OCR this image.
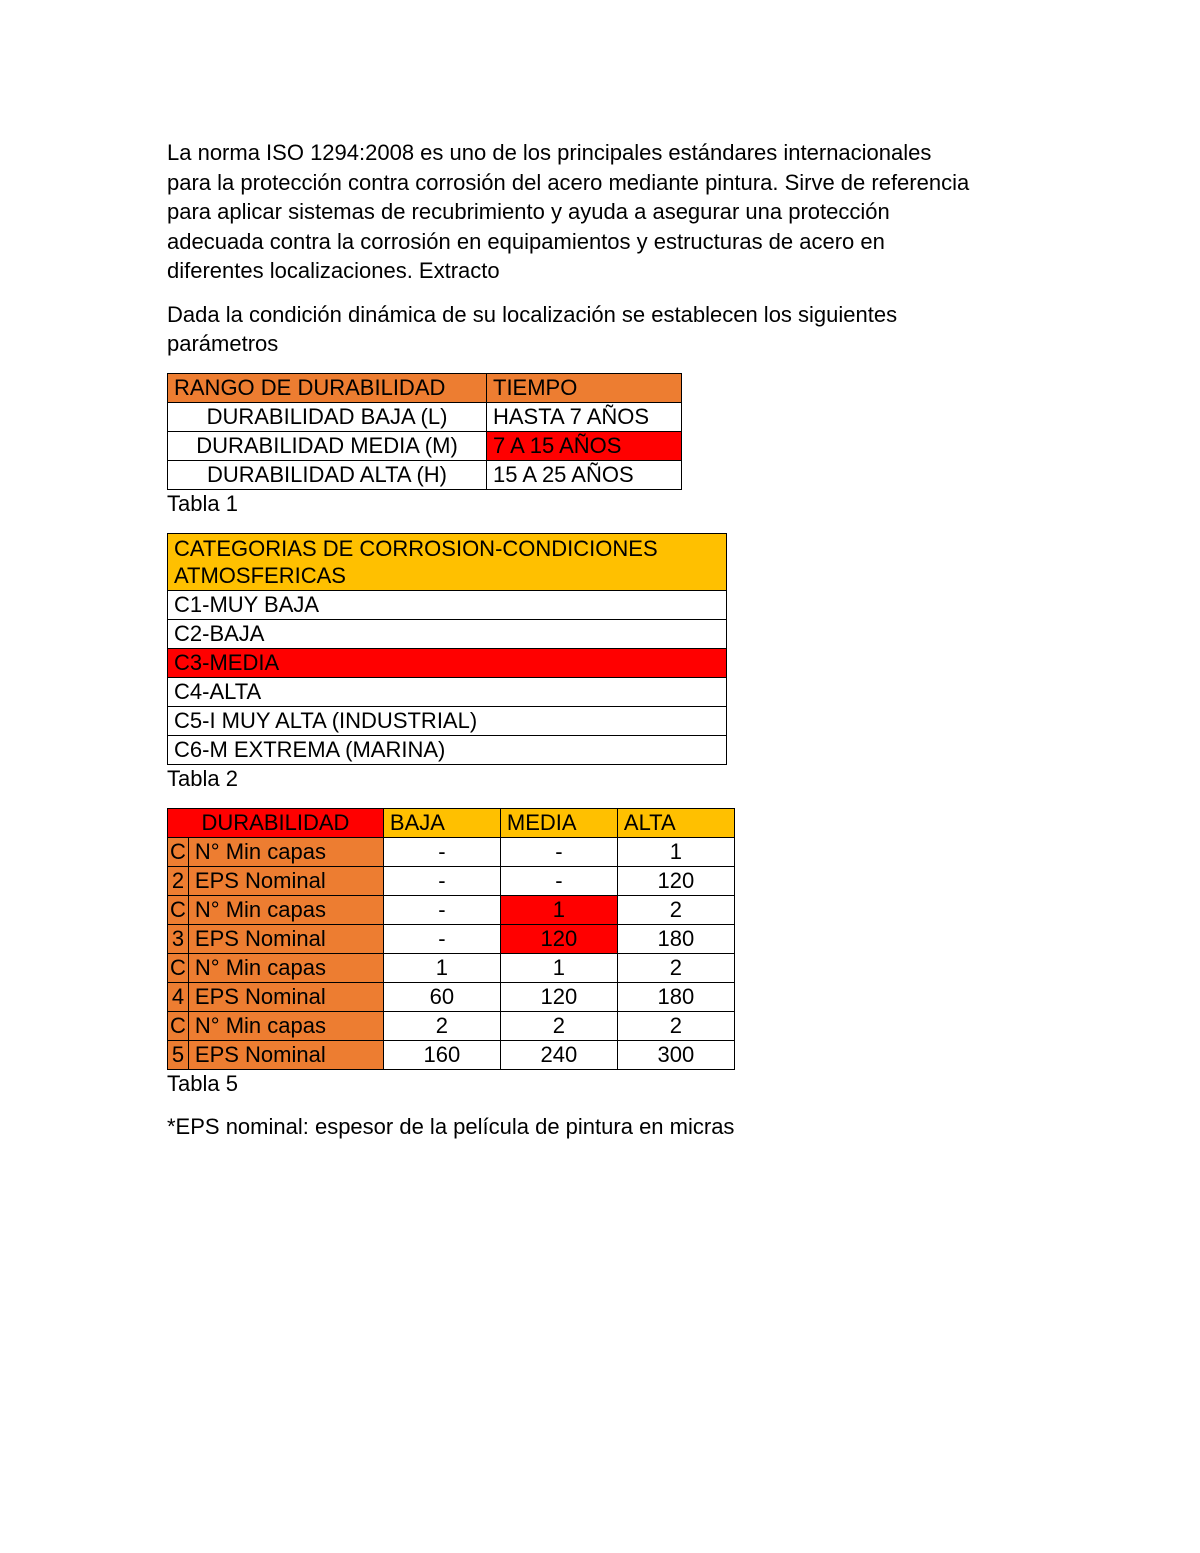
La norma ISO 1294:2008 es uno de los principales estándares internacionales
para la protección contra corrosión del acero mediante pintura. Sirve de referencia
para aplicar sistemas de recubrimiento y ayuda a asegurar una protección
adecuada contra la corrosión en equipamientos y estructuras de acero en
diferentes localizaciones. Extracto

Dada la condición dinámica de su localización se establecen los siguientes
parámetros

RANGO DE DURABILIDAD	TIEMPO
DURABILIDAD BAJA (L)	HASTA 7 AÑOS
DURABILIDAD MEDIA (M)	7 A 15 AÑOS
DURABILIDAD ALTA (H)	15 A 25 AÑOS

Tabla 1

CATEGORIAS DE CORROSION-CONDICIONES ATMOSFERICAS
C1-MUY BAJA
C2-BAJA
C3-MEDIA
C4-ALTA
C5-I MUY ALTA (INDUSTRIAL)
C6-M EXTREMA (MARINA)

Tabla 2

DURABILIDAD		BAJA	MEDIA	ALTA
C	N° Min capas	-	-	1
2	EPS Nominal	-	-	120
C	N° Min capas	-	1	2
3	EPS Nominal	-	120	180
C	N° Min capas	1	1	2
4	EPS Nominal	60	120	180
C	N° Min capas	2	2	2
5	EPS Nominal	160	240	300

Tabla 5

*EPS nominal: espesor de la película de pintura en micras
